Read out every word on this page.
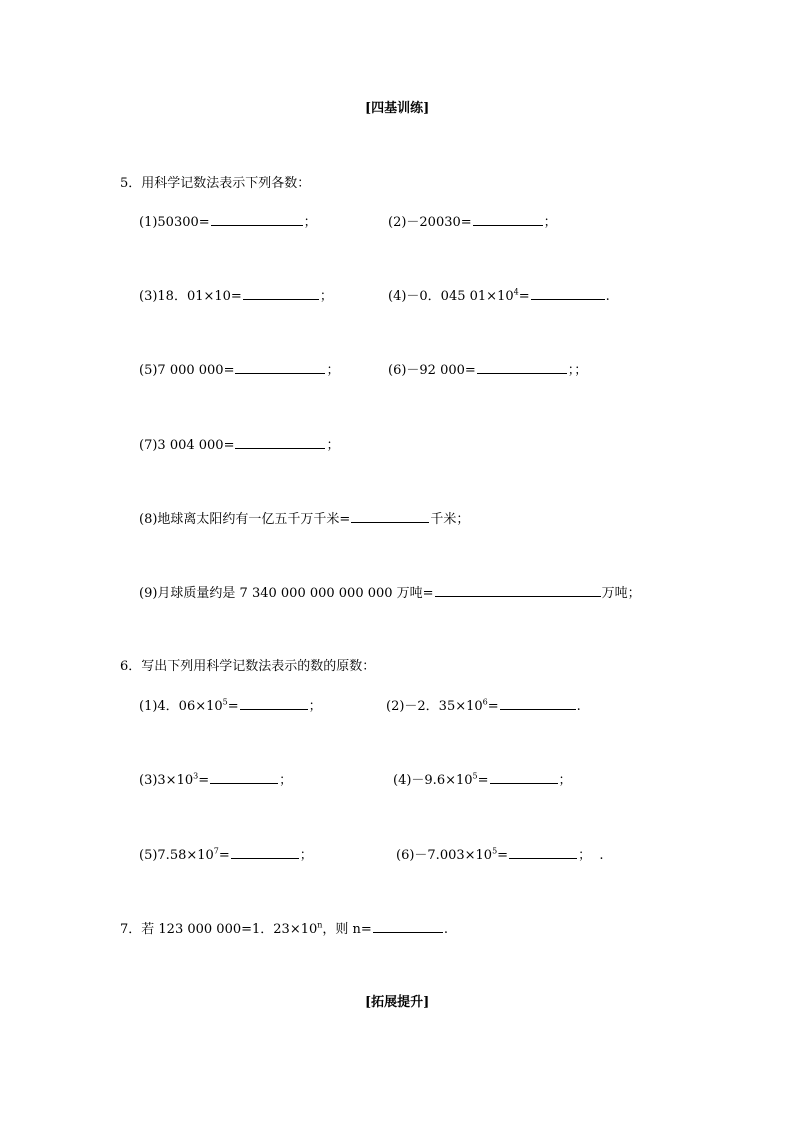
[四基训练]
5．用科学记数法表示下列各数：
(1)50300=	；	(2)－20030=	；
(3)18．01×10=	；	(4)－0．045 $01\times 10^4=$	.
(5)7 000 000=	；	(6)－92 000=	；；
(7)3 004 000=	；
(8)地球离太阳约有一亿五千万千米=	千米；
(9)月球质量约是 7 340 000 000 000 000 万吨=	万吨；
6．写出下列用科学记数法表示的数的原数：
(1)4．$06\times 10^5=$	；	(2)－2．$35\times 10^6=$	.
$(3)3\times 10^3=$	；	$(4)-9.6\times 10^5=$	；
$(5)7.58\times 10^7=$	；	$(6)-7.003\times 10^5=$	；  .
7．若 123 000 000=1．$23\times 10^n$，则 n=	.
[拓展提升]
